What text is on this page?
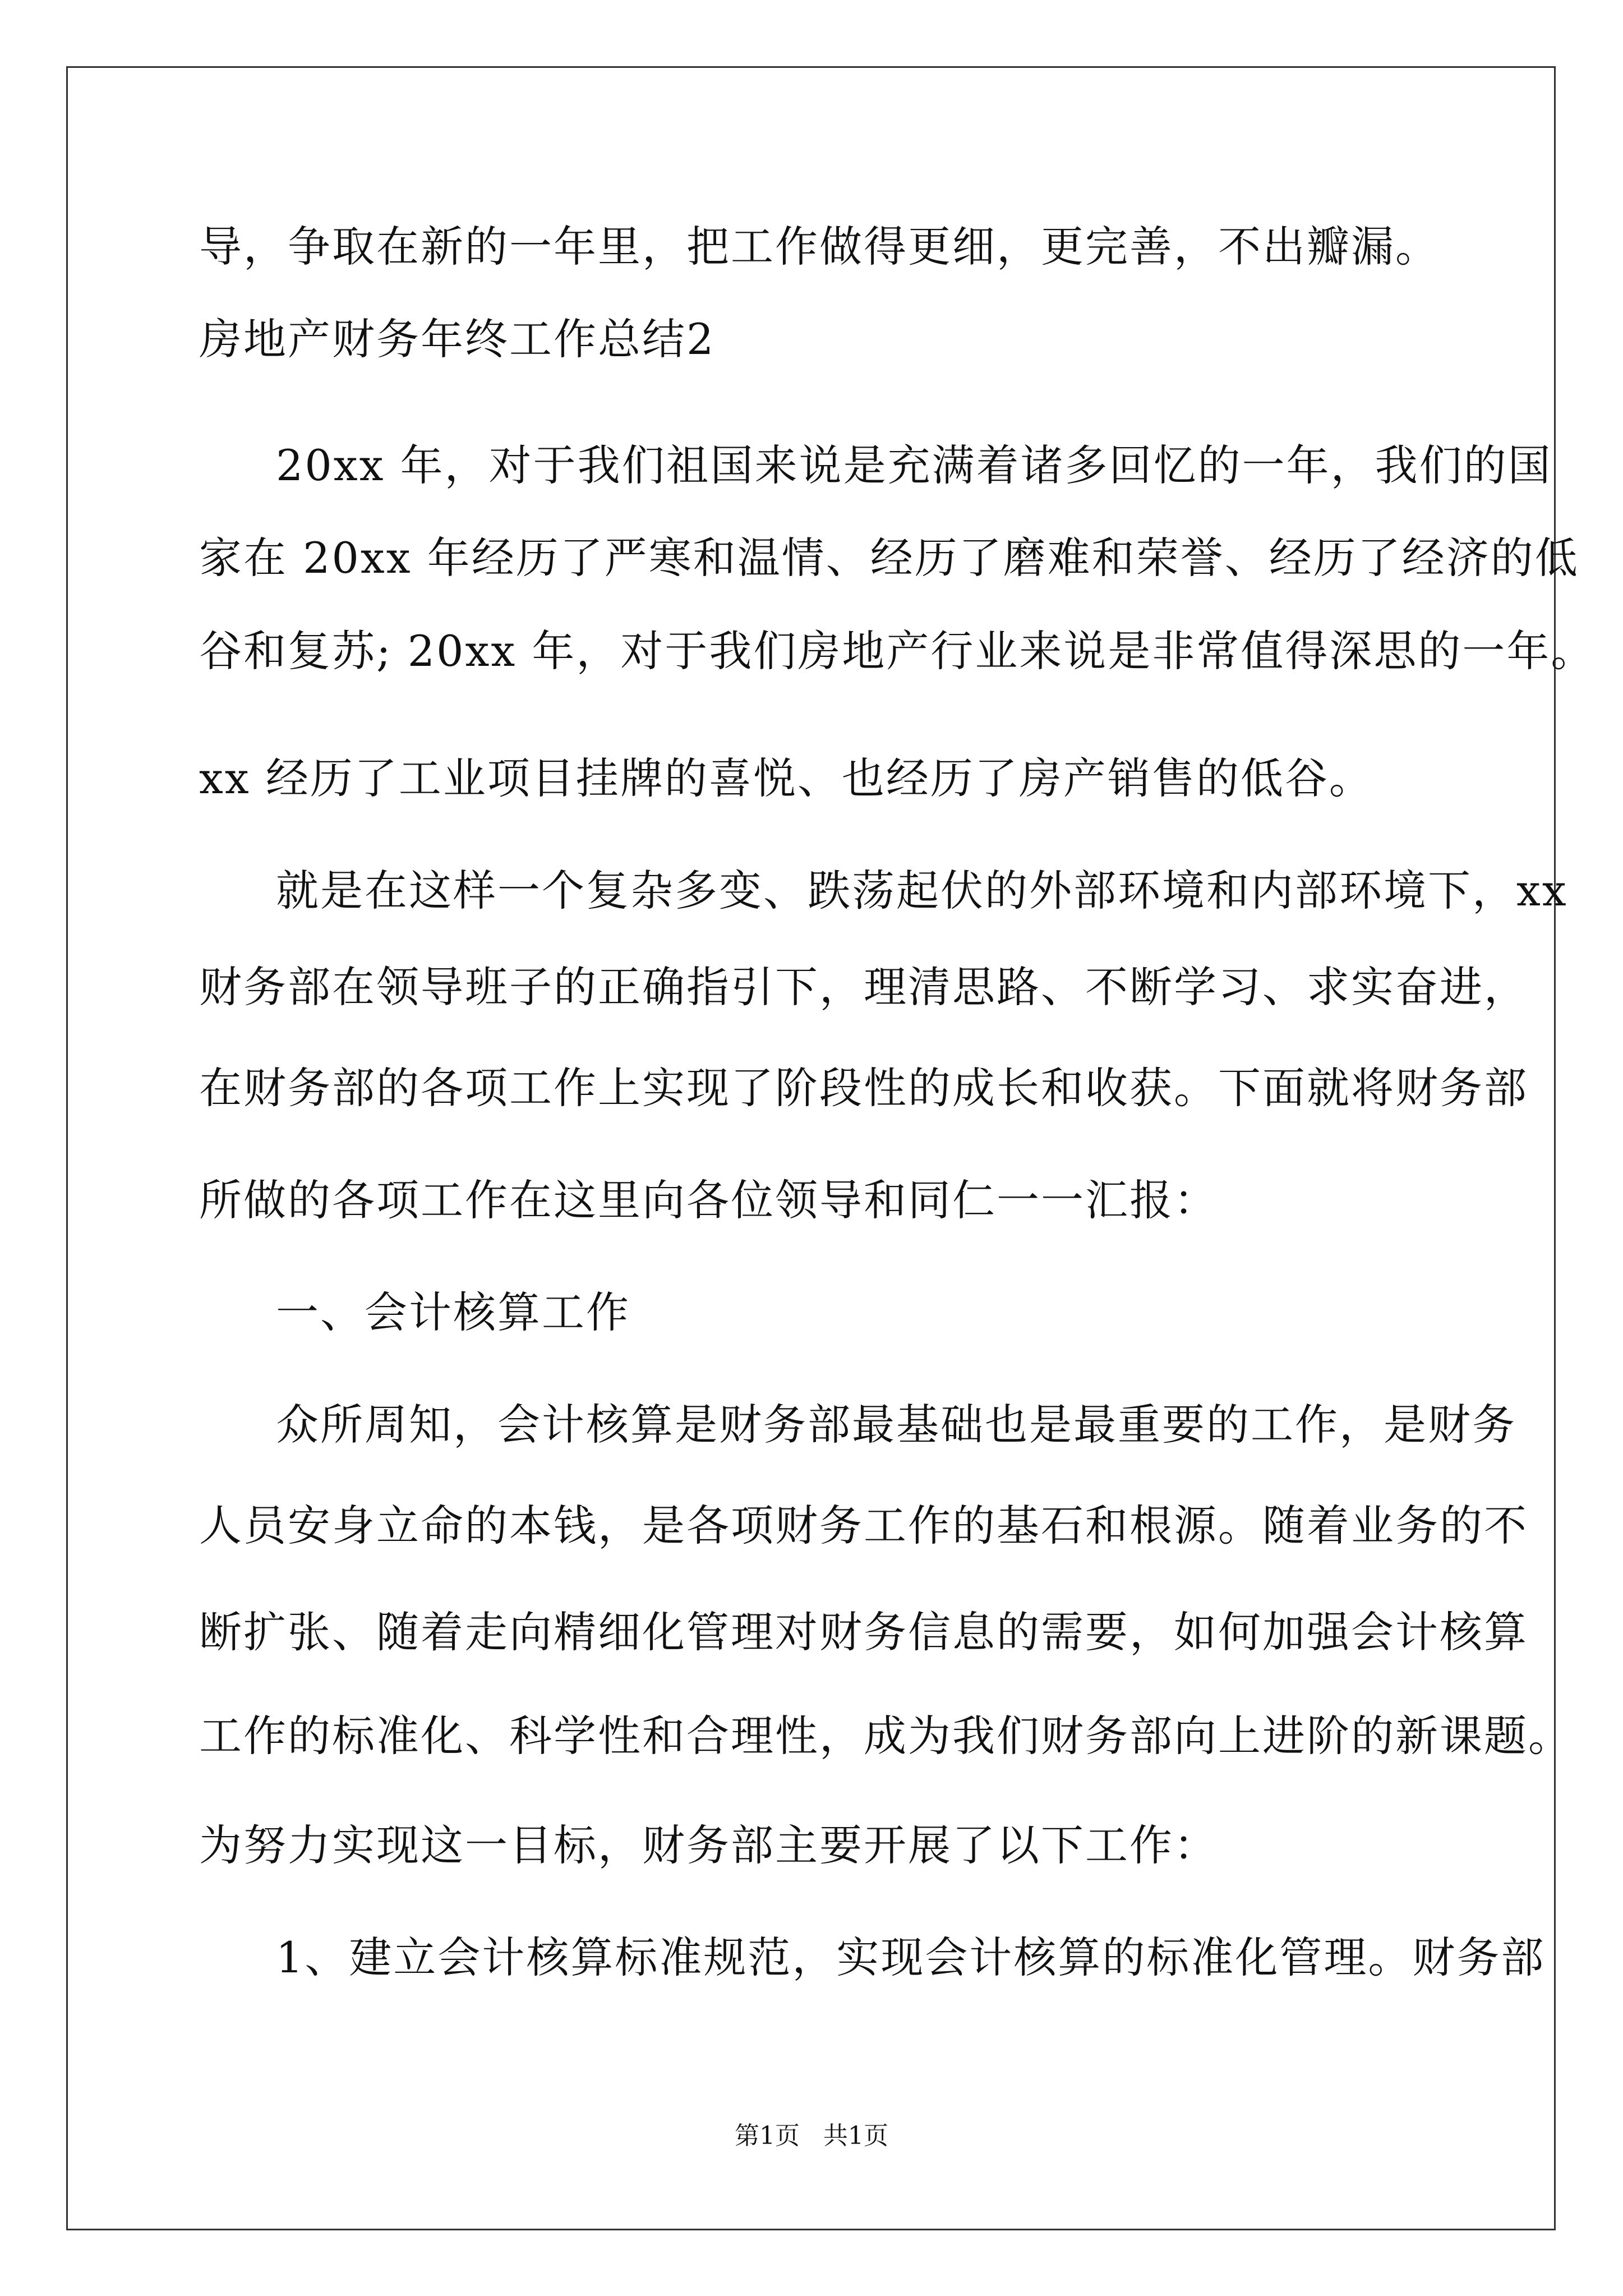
导，争取在新的一年里，把工作做得更细，更完善，不出瓣漏。

房地产财务年终工作总结2

20xx 年，对于我们祖国来说是充满着诸多回忆的一年，我们的国

家在 20xx 年经历了严寒和温情、经历了磨难和荣誉、经历了经济的低

谷和复苏; 20xx 年，对于我们房地产行业来说是非常值得深思的一年。

xx 经历了工业项目挂牌的喜悦、也经历了房产销售的低谷。

就是在这样一个复杂多变、跌荡起伏的外部环境和内部环境下，xx

财务部在领导班子的正确指引下，理清思路、不断学习、求实奋进，

在财务部的各项工作上实现了阶段性的成长和收获。下面就将财务部

所做的各项工作在这里向各位领导和同仁一一汇报：

一、会计核算工作

众所周知，会计核算是财务部最基础也是最重要的工作，是财务

人员安身立命的本钱，是各项财务工作的基石和根源。随着业务的不

断扩张、随着走向精细化管理对财务信息的需要，如何加强会计核算

工作的标准化、科学性和合理性，成为我们财务部向上进阶的新课题。

为努力实现这一目标，财务部主要开展了以下工作：

1、建立会计核算标准规范，实现会计核算的标准化管理。财务部

第1页 共1页
